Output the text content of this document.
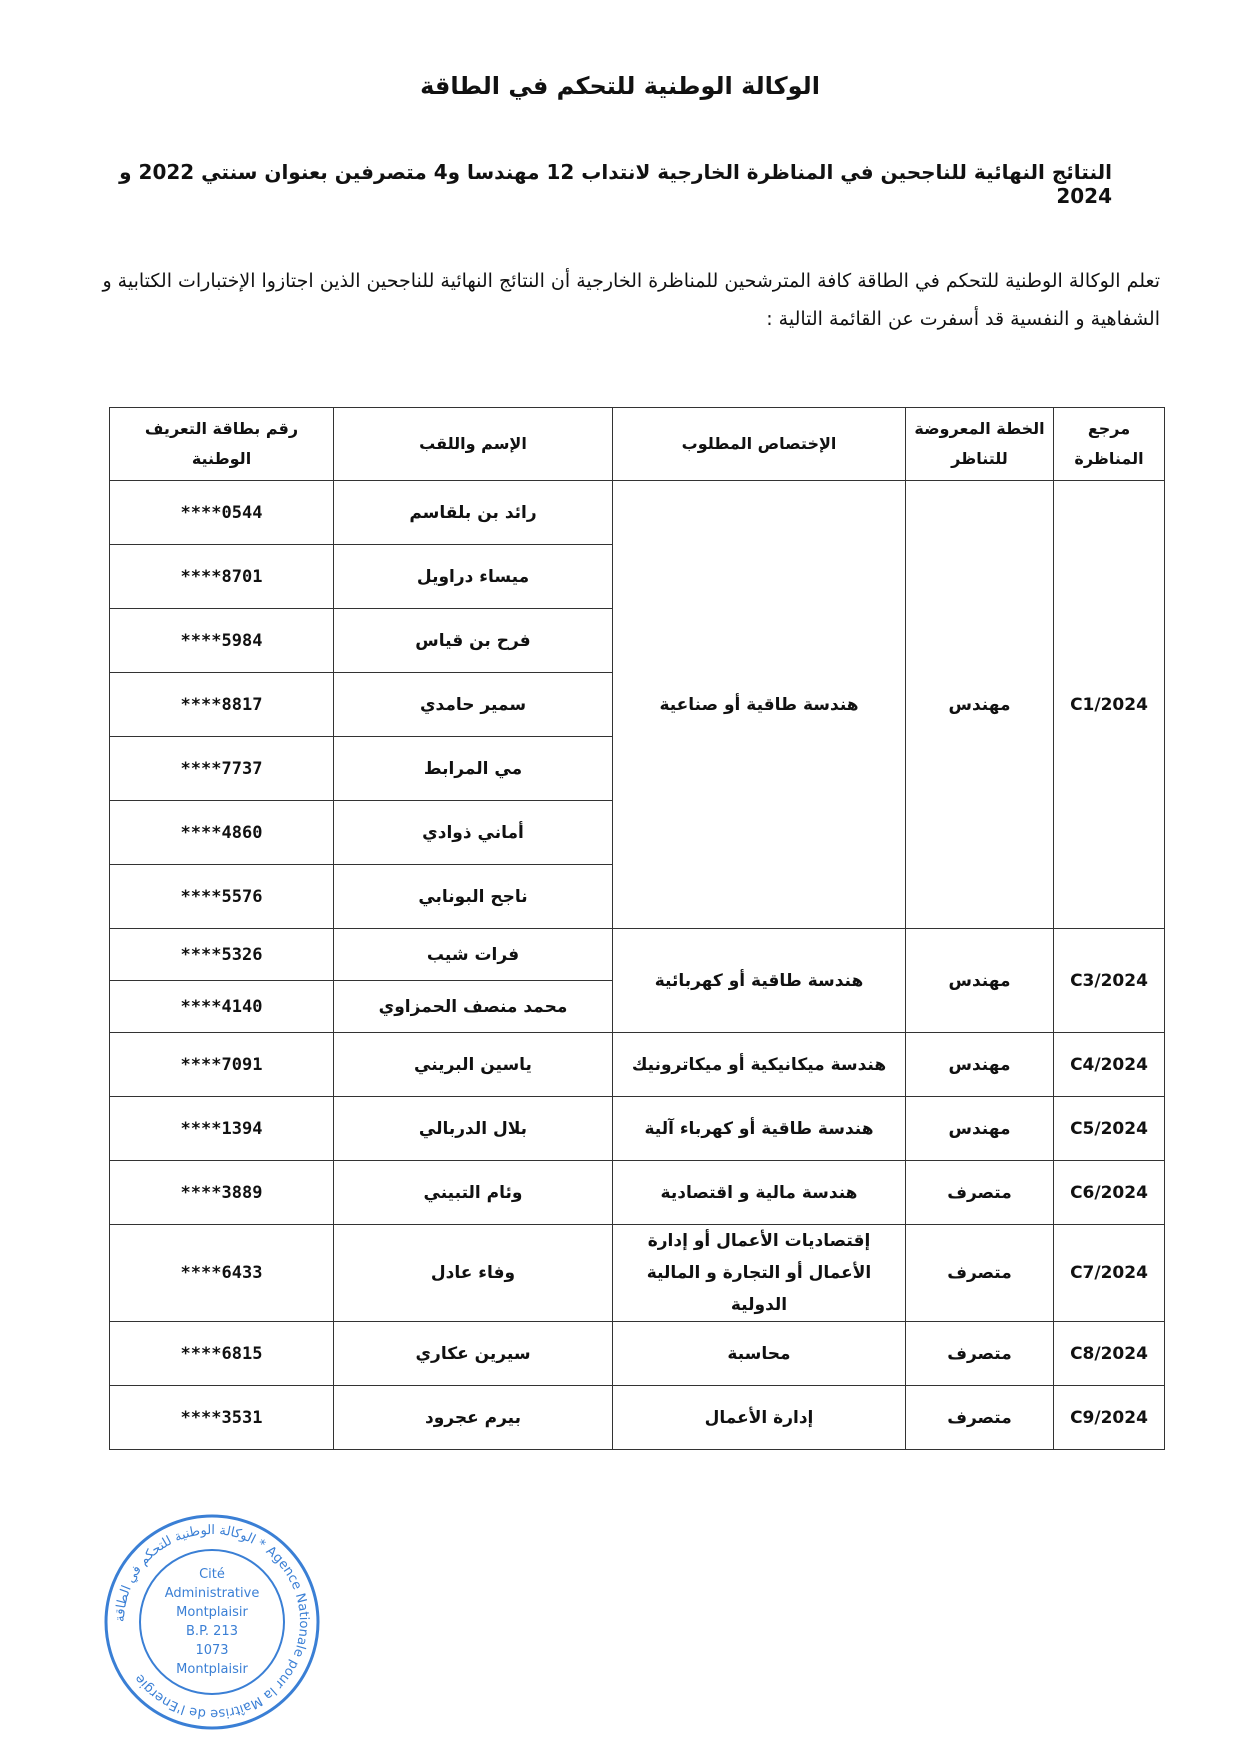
الوكالة الوطنية للتحكم في الطاقة
النتائج النهائية للناجحين في المناظرة الخارجية لانتداب 12 مهندسا و4 متصرفين بعنوان سنتي 2022 و 2024
تعلم الوكالة الوطنية للتحكم في الطاقة كافة المترشحين للمناظرة الخارجية أن النتائج النهائية للناجحين الذين اجتازوا الإختبارات الكتابية و الشفاهية و النفسية قد أسفرت عن القائمة التالية :
مرجع المناظرة	الخطة المعروضة للتناظر	الإختصاص المطلوب	الإسم واللقب	رقم بطاقة التعريف الوطنية
C1/2024	مهندس	هندسة طاقية أو صناعية	رائد بن بلقاسم	****0544
			ميساء دراويل	****8701
			فرح بن قياس	****5984
			سمير حامدي	****8817
			مي المرابط	****7737
			أماني ذوادي	****4860
			ناجح البونابي	****5576
C3/2024	مهندس	هندسة طاقية أو كهربائية	فرات شيب	****5326
			محمد منصف الحمزاوي	****4140
C4/2024	مهندس	هندسة ميكانيكية أو ميكاترونيك	ياسين البريني	****7091
C5/2024	مهندس	هندسة طاقية أو كهرباء آلية	بلال الدربالي	****1394
C6/2024	متصرف	هندسة مالية و اقتصادية	وئام التبيني	****3889
C7/2024	متصرف	إقتصاديات الأعمال أو إدارة الأعمال أو التجارة و المالية الدولية	وفاء عادل	****6433
C8/2024	متصرف	محاسبة	سيرين عكاري	****6815
C9/2024	متصرف	إدارة الأعمال	بيرم عجرود	****3531
الوكالة الوطنية للتحكم في الطاقة * Agence Nationale pour la Maîtrise de l'Energie
Cité
Administrative
Montplaisir
B.P. 213
1073
Montplaisir
